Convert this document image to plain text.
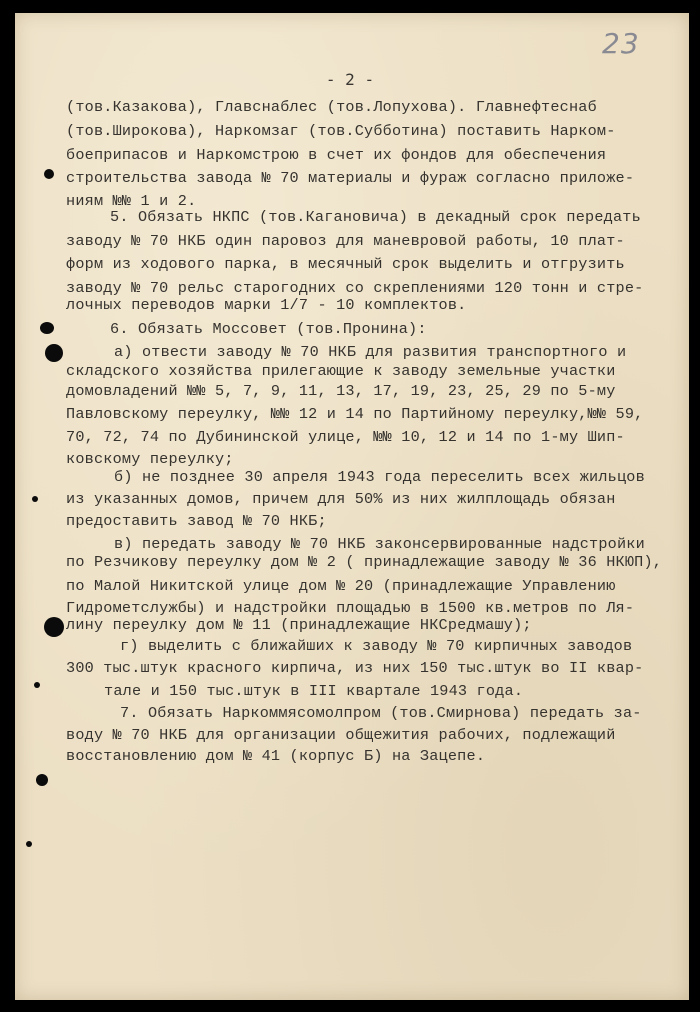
23
- 2 -
(тов.Казакова), Главснаблес (тов.Лопухова). Главнефтеснаб
(тов.Широкова), Наркомзаг (тов.Субботина) поставить Нарком-
боеприпасов и Наркомстрою в счет их фондов для обеспечения
строительства завода № 70 материалы и фураж согласно приложе-
ниям №№ 1 и 2.
5. Обязать НКПС (тов.Кагановича) в декадный срок передать
заводу № 70 НКБ один паровоз для маневровой работы, 10 плат-
форм из ходового парка, в месячный срок выделить и отгрузить
заводу № 70 рельс старогодних со скреплениями 120 тонн и стре-
лочных переводов марки 1/7 - 10 комплектов.
6. Обязать Моссовет (тов.Пронина):
а) отвести заводу № 70 НКБ для развития транспортного и
складского хозяйства прилегающие к заводу земельные участки
домовладений №№ 5, 7, 9, 11, 13, 17, 19, 23, 25, 29 по 5-му
Павловскому переулку, №№ 12 и 14 по Партийному переулку,№№ 59,
70, 72, 74 по Дубининской улице, №№ 10, 12 и 14 по 1-му Шип-
ковскому переулку;
б) не позднее 30 апреля 1943 года переселить всех жильцов
из указанных домов, причем для 50% из них жилплощадь обязан
предоставить завод № 70 НКБ;
в) передать заводу № 70 НКБ законсервированные надстройки
по Резчикову переулку дом № 2 ( принадлежащие заводу № 36 НКЮП),
по Малой Никитской улице дом № 20 (принадлежащие Управлению
Гидрометслужбы) и надстройки площадью в 1500 кв.метров по Ля-
лину переулку дом № 11 (принадлежащие НКСредмашу);
г) выделить с ближайших к заводу № 70 кирпичных заводов
300 тыс.штук красного кирпича, из них 150 тыс.штук во II квар-
тале и 150 тыс.штук в III квартале 1943 года.
7. Обязать Наркоммясомолпром (тов.Смирнова) передать за-
воду № 70 НКБ для организации общежития рабочих, подлежащий
восстановлению дом № 41 (корпус Б) на Зацепе.
